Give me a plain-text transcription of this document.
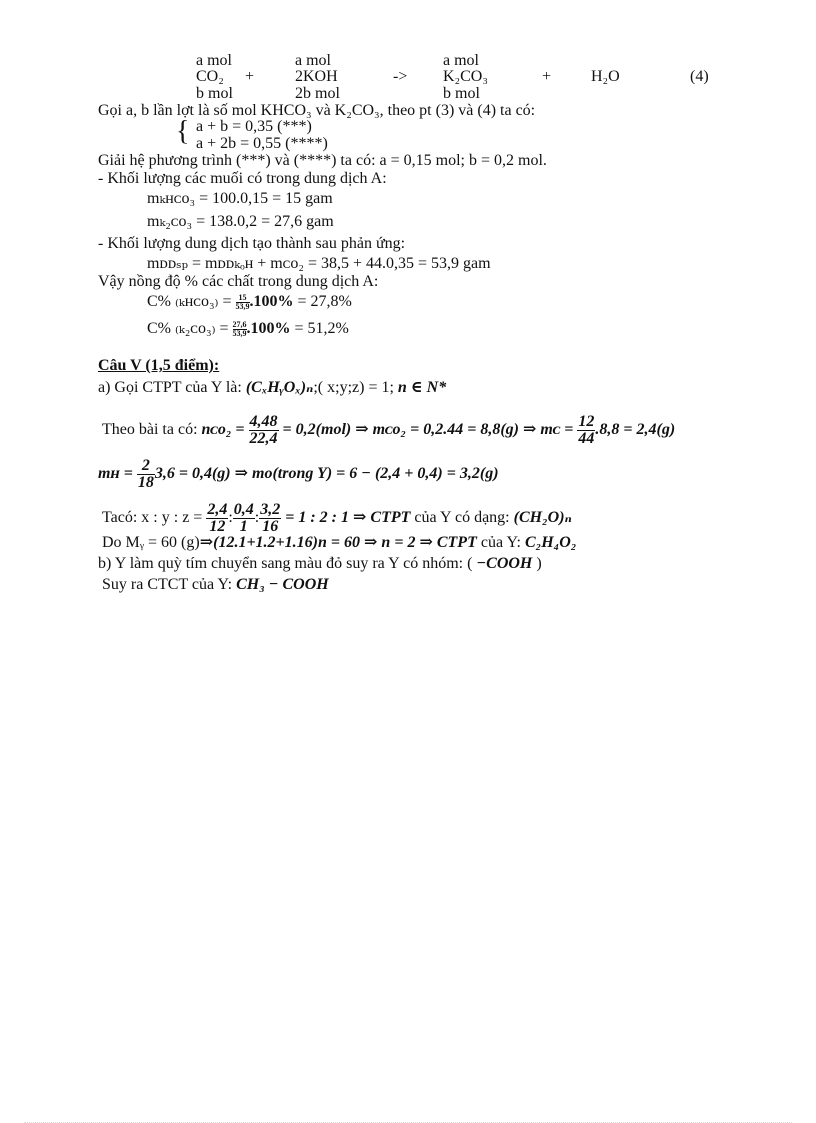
a mol	a mol	a mol
CO₂ +	2KOH	-> K₂CO₃	+ H₂O	(4)
b mol	2b mol	b mol
Gọi a, b lần lợt là số mol KHCO₃ và K₂CO₃, theo pt (3) và (4) ta có:
{ a + b = 0,35 (***)
a + 2b = 0,55 (****)
Giải hệ phương trình (***) và (****) ta có: a = 0,15 mol; b = 0,2 mol.
- Khối lượng các muối có trong dung dịch A:
mₖʜᴄᴏ₃ = 100.0,15 = 15 gam
mₖ₂ᴄᴏ₃ = 138.0,2 = 27,6 gam
- Khối lượng dung dịch tạo thành sau phản ứng:
mᴅᴅₛₚ = mᴅᴅₖₒʜ + mᴄᴏ₂ = 38,5 + 44.0,35 = 53,9 gam
Vậy nồng độ % các chất trong dung dịch A:
C% ₍ₖʜᴄᴏ₃₎ = $\frac{15}{53,9} .100\% = 27,8\%$
C% ₍ₖ₂ᴄᴏ₃₎ = $\frac{27,6}{53,9} .100\% = 51,2\%$
Câu V (1,5 điểm):
a) Gọi CTPT của Y là: (CₓHᵧOₓ)ₙ;( x;y;z) = 1; n ∈ N*
Theo bài ta có: nᴄᴏ₂ = $\frac{4,48}{22,4} = 0,2(mol)$ ⇒ mᴄᴏ₂ = 0,2.44 = 8,8(g) ⇒ mᴄ = $\frac{12}{44} .8,8 = 2,4(g)$
mʜ = $\frac{2}{18} 3,6 = 0,4(g)$ ⇒ mᴏ(trong Y) = 6 − (2,4 + 0,4) = 3,2(g)
Tacó: x : y : $z = \frac{2,4}{12}$ : $\frac{0,4}{1}$ : $\frac{3,2}{16} = 1$ : 2 : 1 ⇒ CTPT của Y có dạng: (CH₂O)ₙ
Do Mᵧ = 60 (g)⇒(12.1+1.2+1.16)n = 60 ⇒ n = 2 ⇒ CTPT của Y: C₂H₄O₂
b) Y làm quỳ tím chuyển sang màu đỏ suy ra Y có nhóm: ( −COOH )
Suy ra CTCT của Y: CH₃ − COOH
